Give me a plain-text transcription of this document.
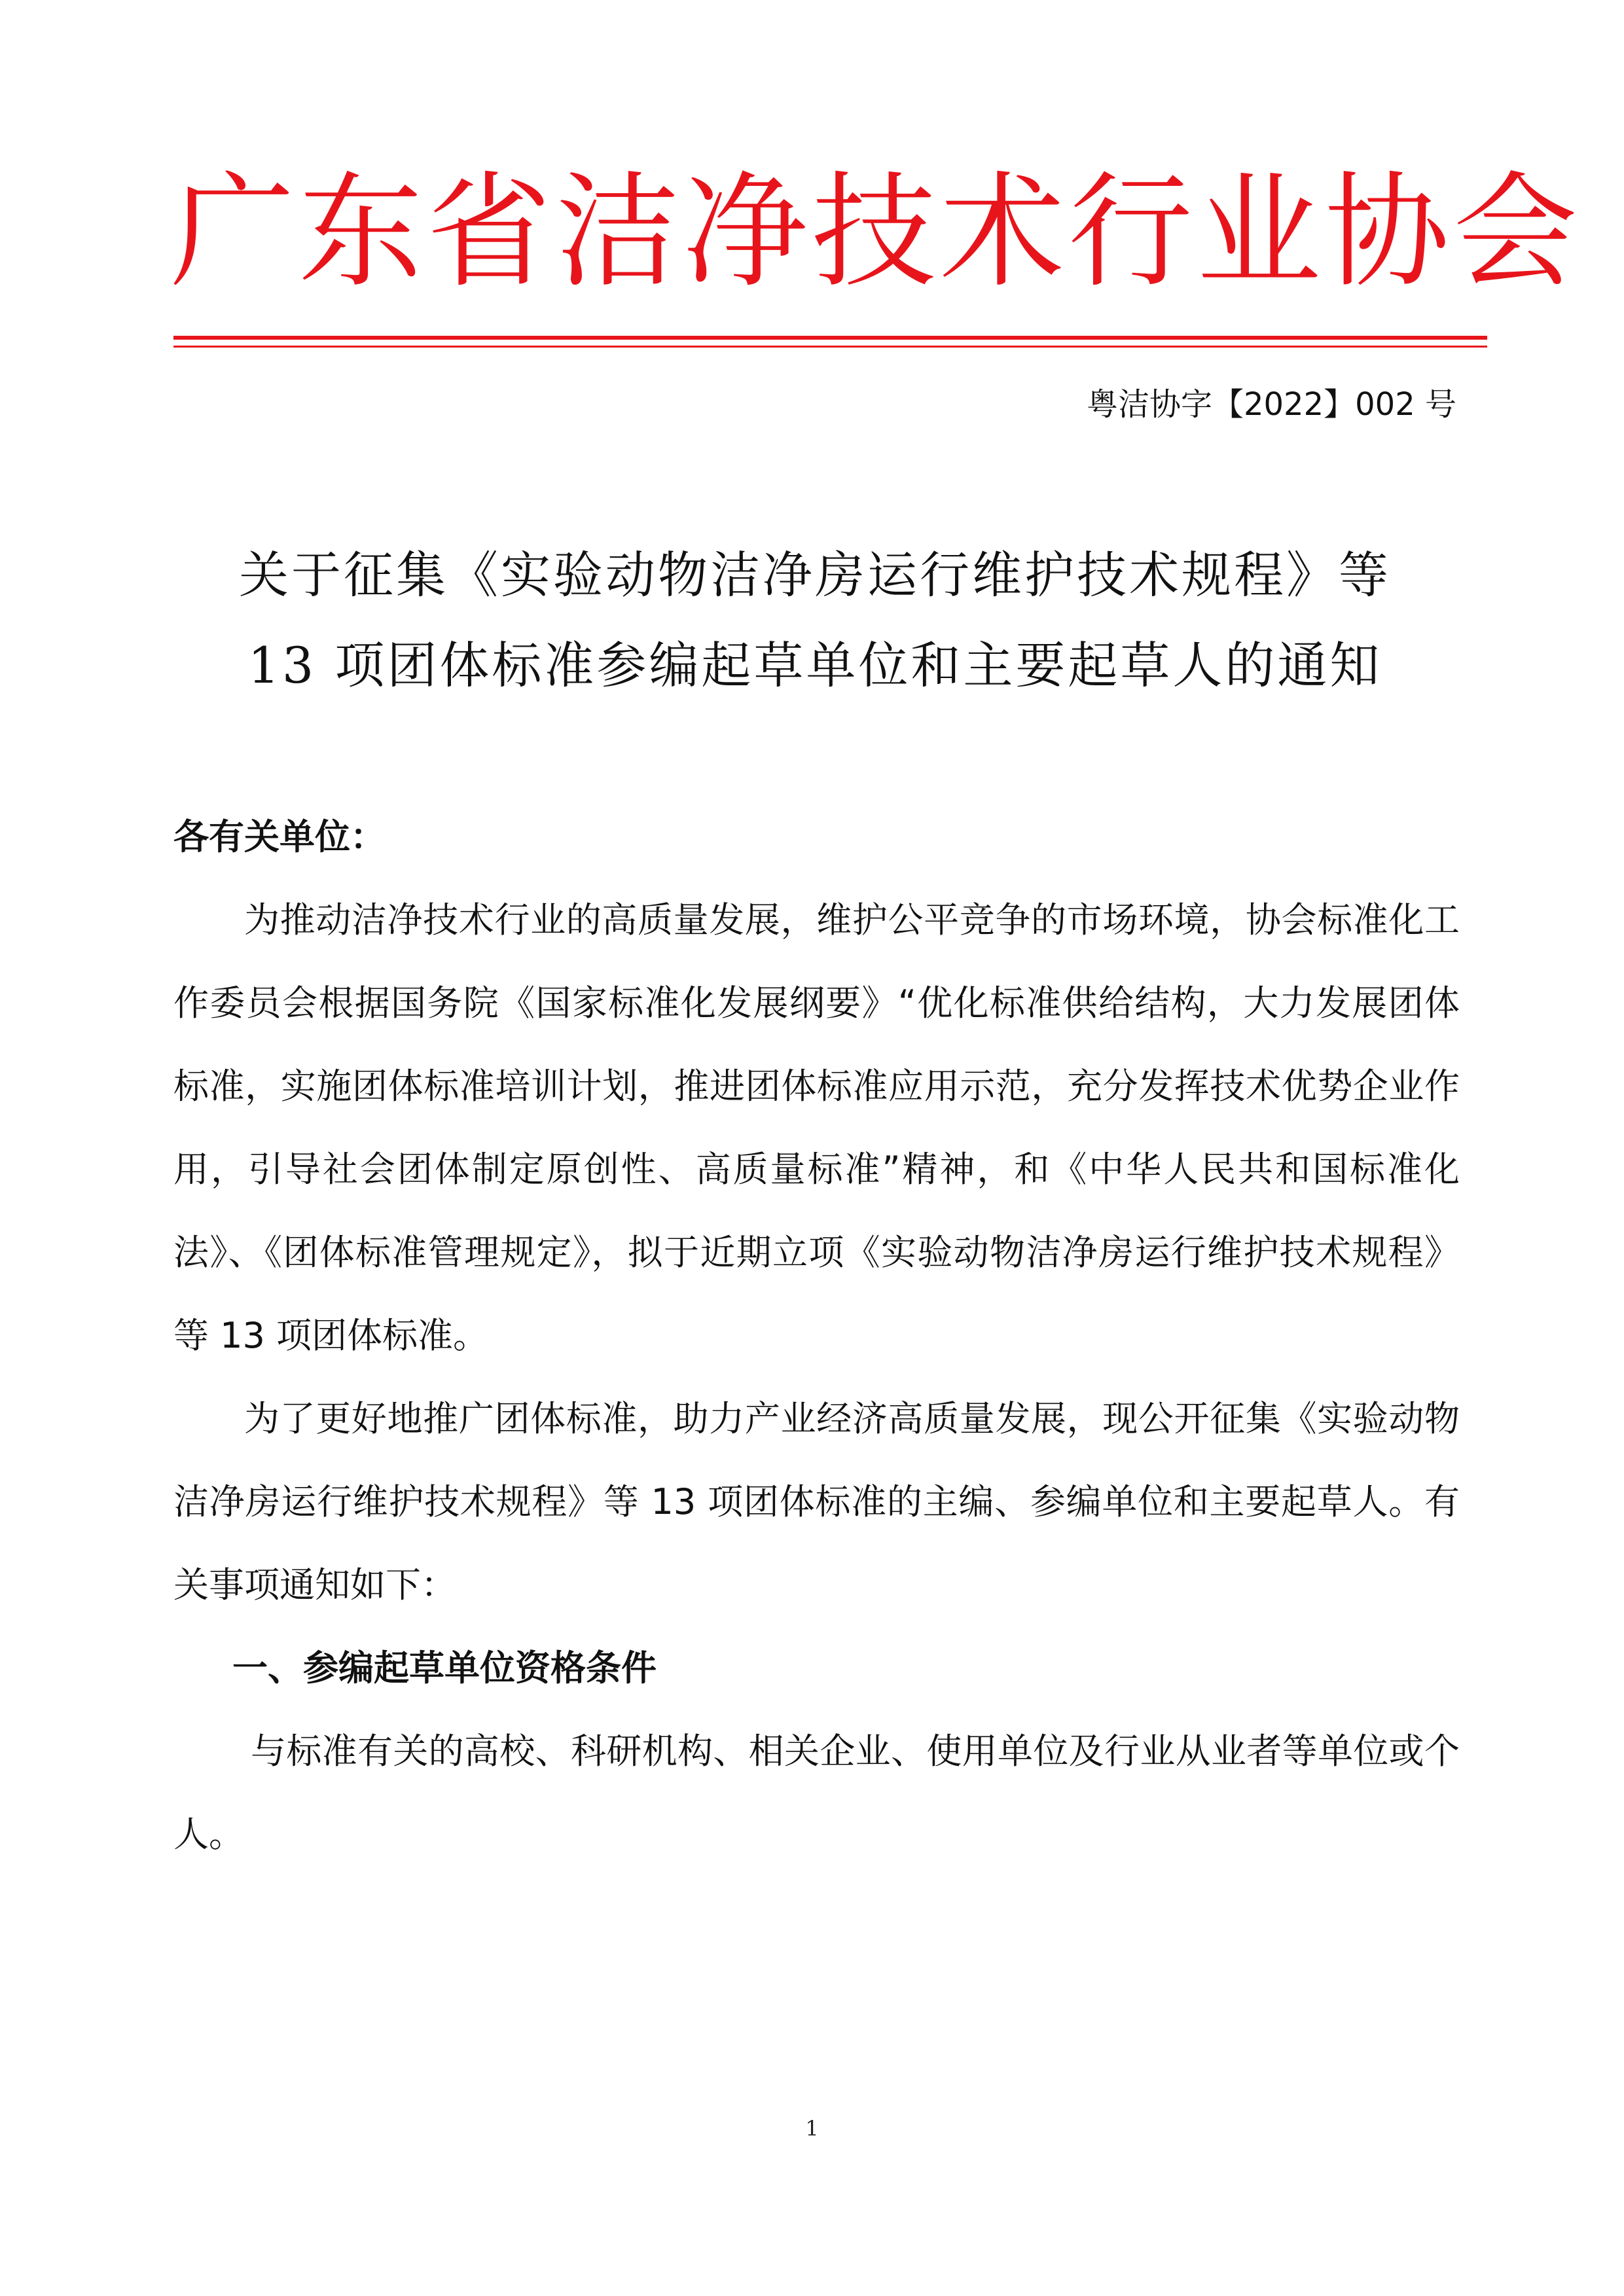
广东省洁净技术行业协会
粤洁协字【2022】002 号
关于征集《实验动物洁净房运行维护技术规程》等
13 项团体标准参编起草单位和主要起草人的通知

各有关单位：

为推动洁净技术行业的高质量发展，维护公平竞争的市场环境，协会标准化工作委员会根据国务院《国家标准化发展纲要》“优化标准供给结构，大力发展团体标准，实施团体标准培训计划，推进团体标准应用示范，充分发挥技术优势企业作用，引导社会团体制定原创性、高质量标准”精神，和《中华人民共和国标准化法》、《团体标准管理规定》，拟于近期立项《实验动物洁净房运行维护技术规程》等 13 项团体标准。

为了更好地推广团体标准，助力产业经济高质量发展，现公开征集《实验动物洁净房运行维护技术规程》等 13 项团体标准的主编、参编单位和主要起草人。有关事项通知如下：

一、参编起草单位资格条件

与标准有关的高校、科研机构、相关企业、使用单位及行业从业者等单位或个人。

1
